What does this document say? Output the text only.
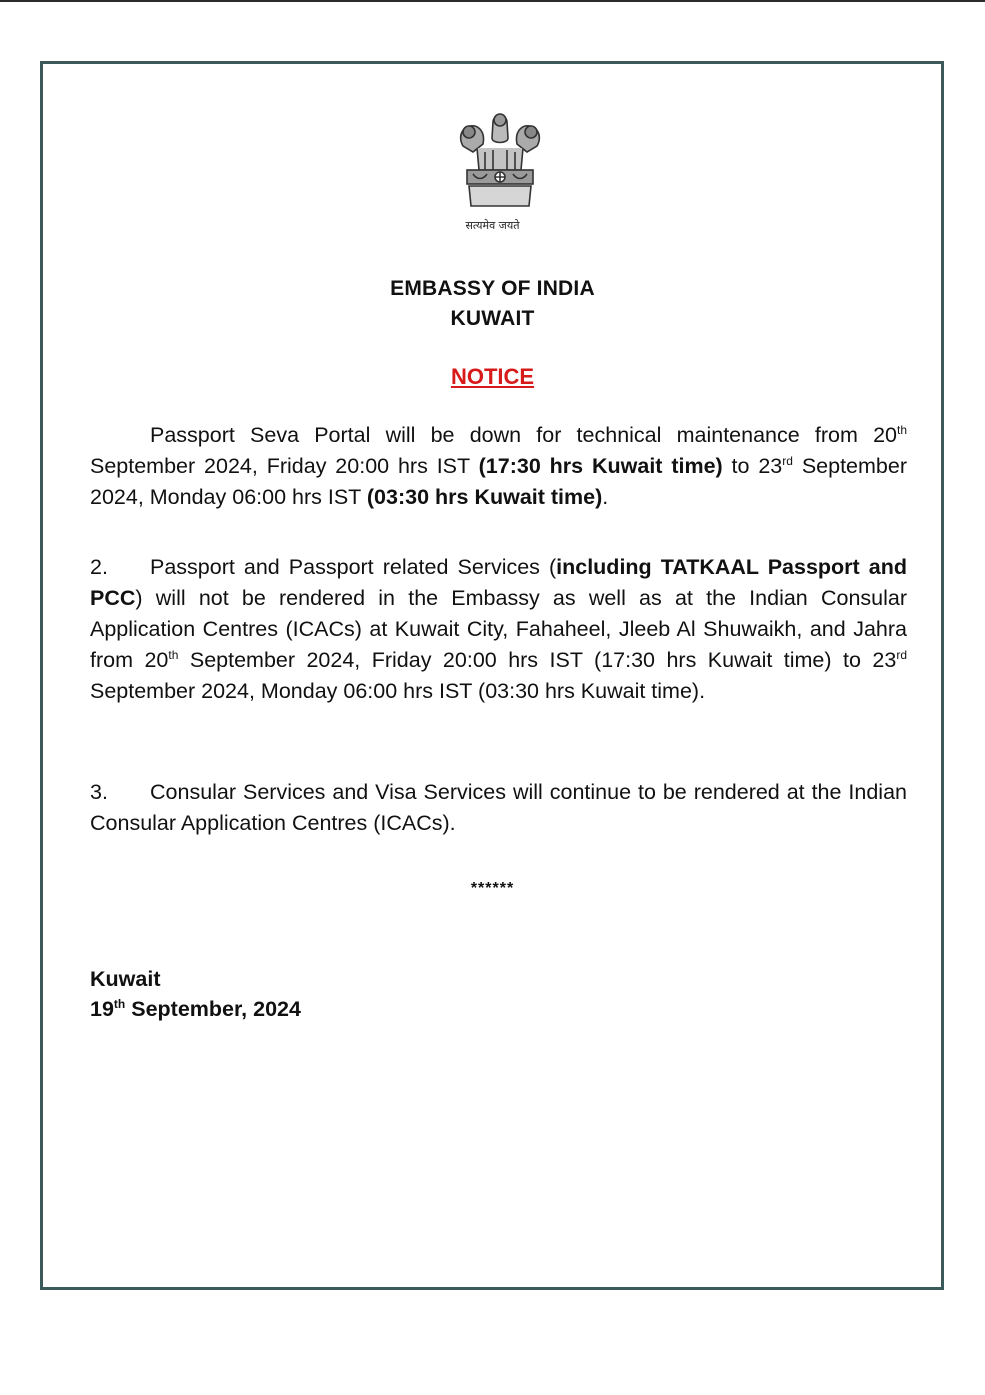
सत्यमेव जयते
EMBASSY OF INDIA
KUWAIT
NOTICE
Passport Seva Portal will be down for technical maintenance from 20th September 2024, Friday 20:00 hrs IST (17:30 hrs Kuwait time) to 23rd September 2024, Monday 06:00 hrs IST (03:30 hrs Kuwait time).
2. Passport and Passport related Services (including TATKAAL Passport and PCC) will not be rendered in the Embassy as well as at the Indian Consular Application Centres (ICACs) at Kuwait City, Fahaheel, Jleeb Al Shuwaikh, and Jahra from 20th September 2024, Friday 20:00 hrs IST (17:30 hrs Kuwait time) to 23rd September 2024, Monday 06:00 hrs IST (03:30 hrs Kuwait time).
3. Consular Services and Visa Services will continue to be rendered at the Indian Consular Application Centres (ICACs).
******
Kuwait
19th September, 2024
